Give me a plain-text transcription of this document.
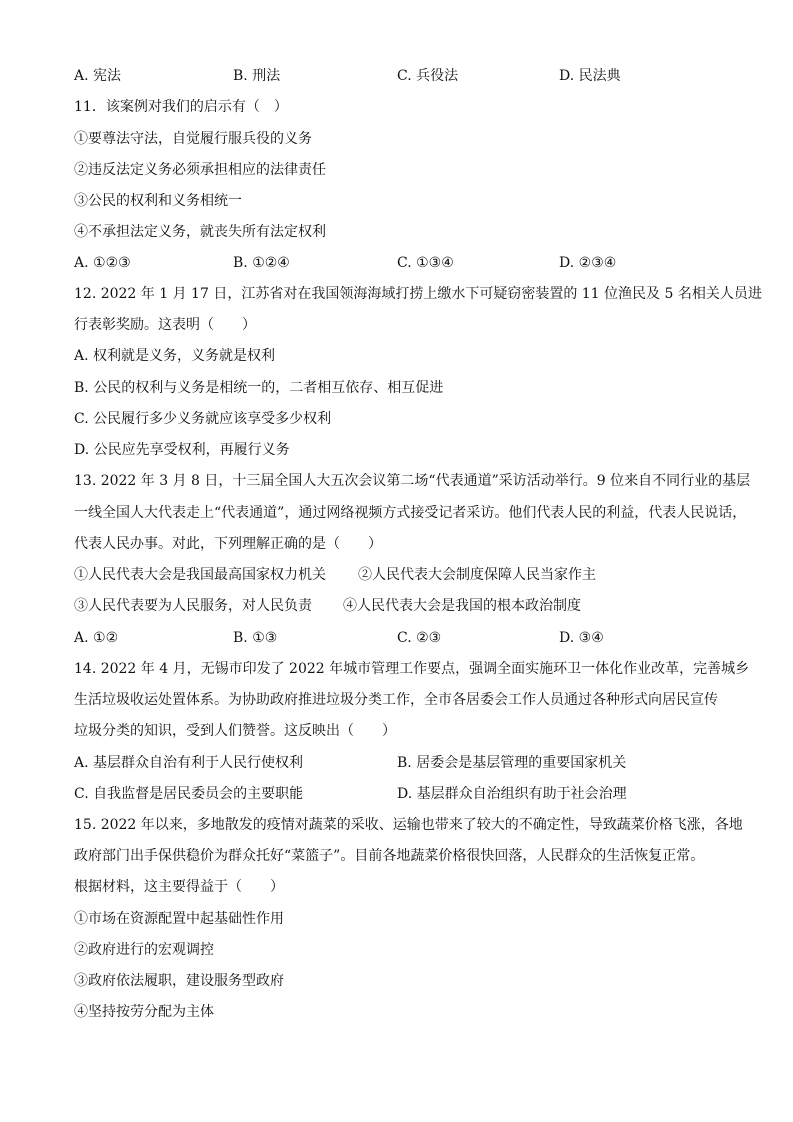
A. 宪法	B. 刑法	C. 兵役法	D. 民法典
11．该案例对我们的启示有（　）
①要尊法守法，自觉履行服兵役的义务
②违反法定义务必须承担相应的法律责任
③公民的权利和义务相统一
④不承担法定义务，就丧失所有法定权利
A. ①②③	B. ①②④	C. ①③④	D. ②③④
12. 2022 年 1 月 17 日，江苏省对在我国领海海域打捞上缴水下可疑窃密装置的 11 位渔民及 5 名相关人员进
行表彰奖励。这表明（　　）
A. 权利就是义务，义务就是权利
B. 公民的权利与义务是相统一的，二者相互依存、相互促进
C. 公民履行多少义务就应该享受多少权利
D. 公民应先享受权利，再履行义务
13. 2022 年 3 月 8 日，十三届全国人大五次会议第二场“代表通道”采访活动举行。9 位来自不同行业的基层
一线全国人大代表走上“代表通道”，通过网络视频方式接受记者采访。他们代表人民的利益，代表人民说话，
代表人民办事。对此，下列理解正确的是（　　）
①人民代表大会是我国最高国家权力机关 ②人民代表大会制度保障人民当家作主
③人民代表要为人民服务，对人民负责 ④人民代表大会是我国的根本政治制度
A. ①②	B. ①③	C. ②③	D. ③④
14. 2022 年 4 月，无锡市印发了 2022 年城市管理工作要点，强调全面实施环卫一体化作业改革，完善城乡
生活垃圾收运处置体系。为协助政府推进垃圾分类工作，全市各居委会工作人员通过各种形式向居民宣传
垃圾分类的知识，受到人们赞誉。这反映出（　　）
A. 基层群众自治有利于人民行使权利	B. 居委会是基层管理的重要国家机关
C. 自我监督是居民委员会的主要职能	D. 基层群众自治组织有助于社会治理
15. 2022 年以来，多地散发的疫情对蔬菜的采收、运输也带来了较大的不确定性，导致蔬菜价格飞涨，各地
政府部门出手保供稳价为群众托好“菜篮子”。目前各地蔬菜价格很快回落，人民群众的生活恢复正常。
根据材料，这主要得益于（　　）
①市场在资源配置中起基础性作用
②政府进行的宏观调控
③政府依法履职，建设服务型政府
④坚持按劳分配为主体
